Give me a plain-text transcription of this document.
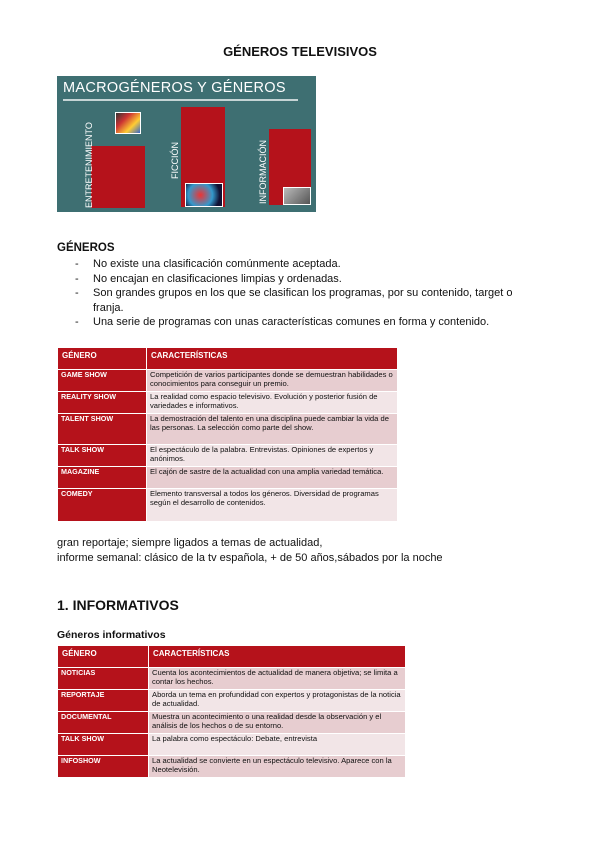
GÉNEROS TELEVISIVOS
MACROGÉNEROS Y GÉNEROS
ENTRETENIMIENTO	FICCIÓN	INFORMACIÓN
GÉNEROS
- No existe una clasificación comúnmente aceptada.
- No encajan en clasificaciones limpias y ordenadas.
- Son grandes grupos en los que se clasifican los programas, por su contenido, target o franja.
- Una serie de programas con unas características comunes en forma y contenido.
GÉNERO	CARACTERÍSTICAS
GAME SHOW	Competición de varios participantes donde se demuestran habilidades o conocimientos para conseguir un premio.
REALITY SHOW	La realidad como espacio televisivo. Evolución y posterior fusión de variedades e informativos.
TALENT SHOW	La demostración del talento en una disciplina puede cambiar la vida de las personas. La selección como parte del show.
TALK SHOW	El espectáculo de la palabra. Entrevistas. Opiniones de expertos y anónimos.
MAGAZINE	El cajón de sastre de la actualidad con una amplia variedad temática.
COMEDY	Elemento transversal a todos los géneros. Diversidad de programas según el desarrollo de contenidos.
gran reportaje; siempre ligados a temas de actualidad,
informe semanal: clásico de la tv española, + de 50 años,sábados por la noche
1. INFORMATIVOS
Géneros informativos
GÉNERO	CARACTERÍSTICAS
NOTICIAS	Cuenta los acontecimientos de actualidad de manera objetiva; se limita a contar los hechos.
REPORTAJE	Aborda un tema en profundidad con expertos y protagonistas de la noticia de actualidad.
DOCUMENTAL	Muestra un acontecimiento o una realidad desde la observación y el análisis de los hechos o de su entorno.
TALK SHOW	La palabra como espectáculo: Debate, entrevista
INFOSHOW	La actualidad se convierte en un espectáculo televisivo. Aparece con la Neotelevisión.
